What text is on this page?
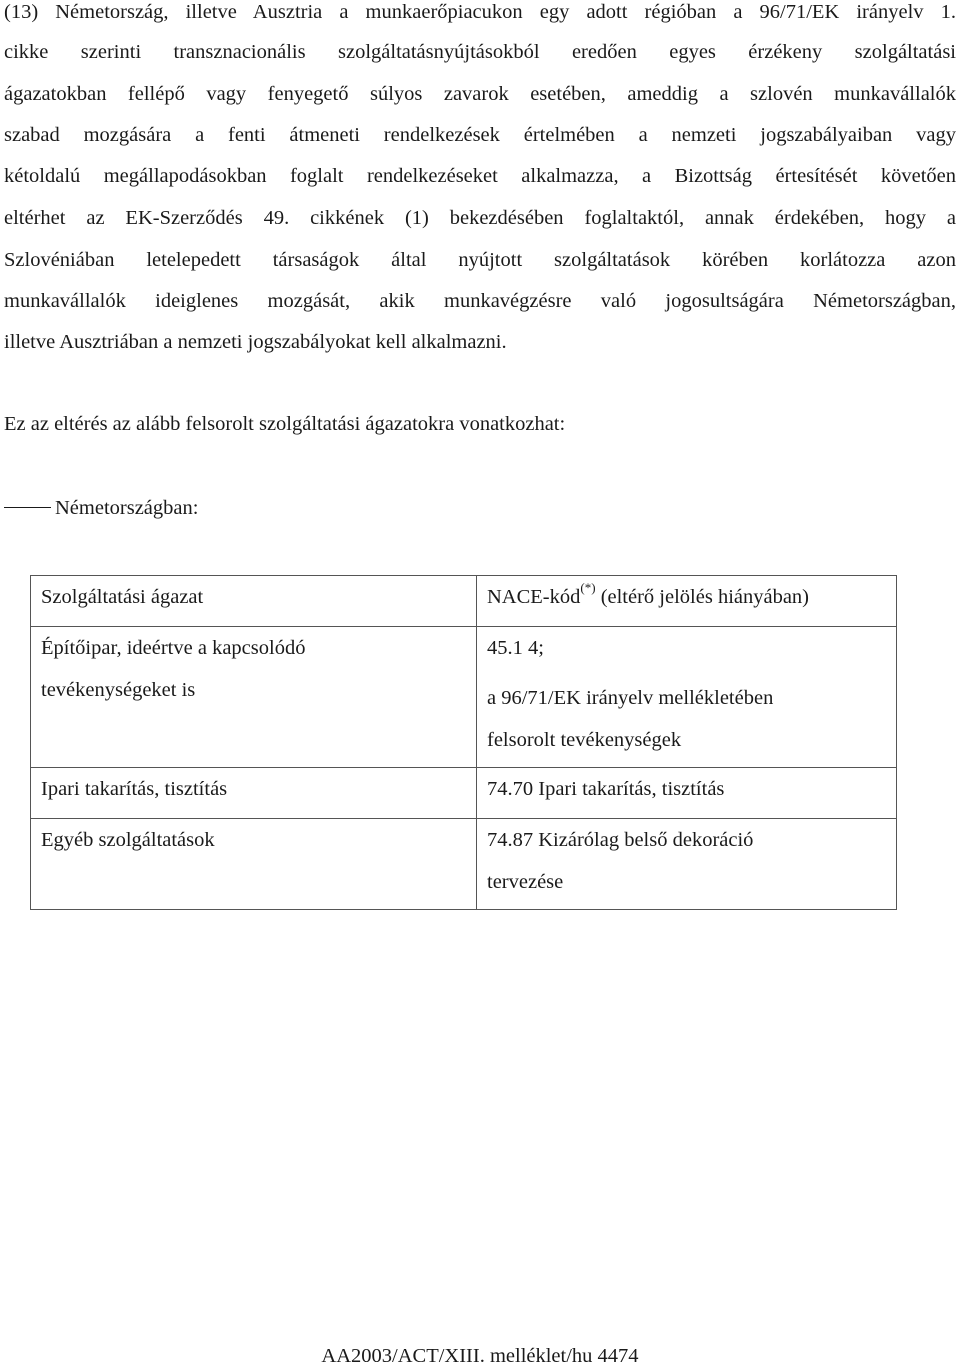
(13) Németország, illetve Ausztria a munkaerőpiacukon egy adott régióban a 96/71/EK irányelv 1.
cikke szerinti transznacionális szolgáltatásnyújtásokból eredően egyes érzékeny szolgáltatási
ágazatokban fellépő vagy fenyegető súlyos zavarok esetében, ameddig a szlovén munkavállalók
szabad mozgására a fenti átmeneti rendelkezések értelmében a nemzeti jogszabályaiban vagy
kétoldalú megállapodásokban foglalt rendelkezéseket alkalmazza, a Bizottság értesítését követően
eltérhet az EK-Szerződés 49. cikkének (1) bekezdésében foglaltaktól, annak érdekében, hogy a
Szlovéniában letelepedett társaságok által nyújtott szolgáltatások körében korlátozza azon
munkavállalók ideiglenes mozgását, akik munkavégzésre való jogosultságára Németországban,
illetve Ausztriában a nemzeti jogszabályokat kell alkalmazni.
Ez az eltérés az alább felsorolt szolgáltatási ágazatokra vonatkozhat:
Németországban:
Szolgáltatási ágazat	NACE-kód(*) (eltérő jelölés hiányában)

Építőipar, ideértve a kapcsolódó
tevékenységeket is	45.1 4;
a 96/71/EK irányelv mellékletében
felsorolt tevékenységek

Ipari takarítás, tisztítás	74.70 Ipari takarítás, tisztítás

Egyéb szolgáltatások	74.87 Kizárólag belső dekoráció
tervezése
AA2003/ACT/XIII. melléklet/hu 4474
